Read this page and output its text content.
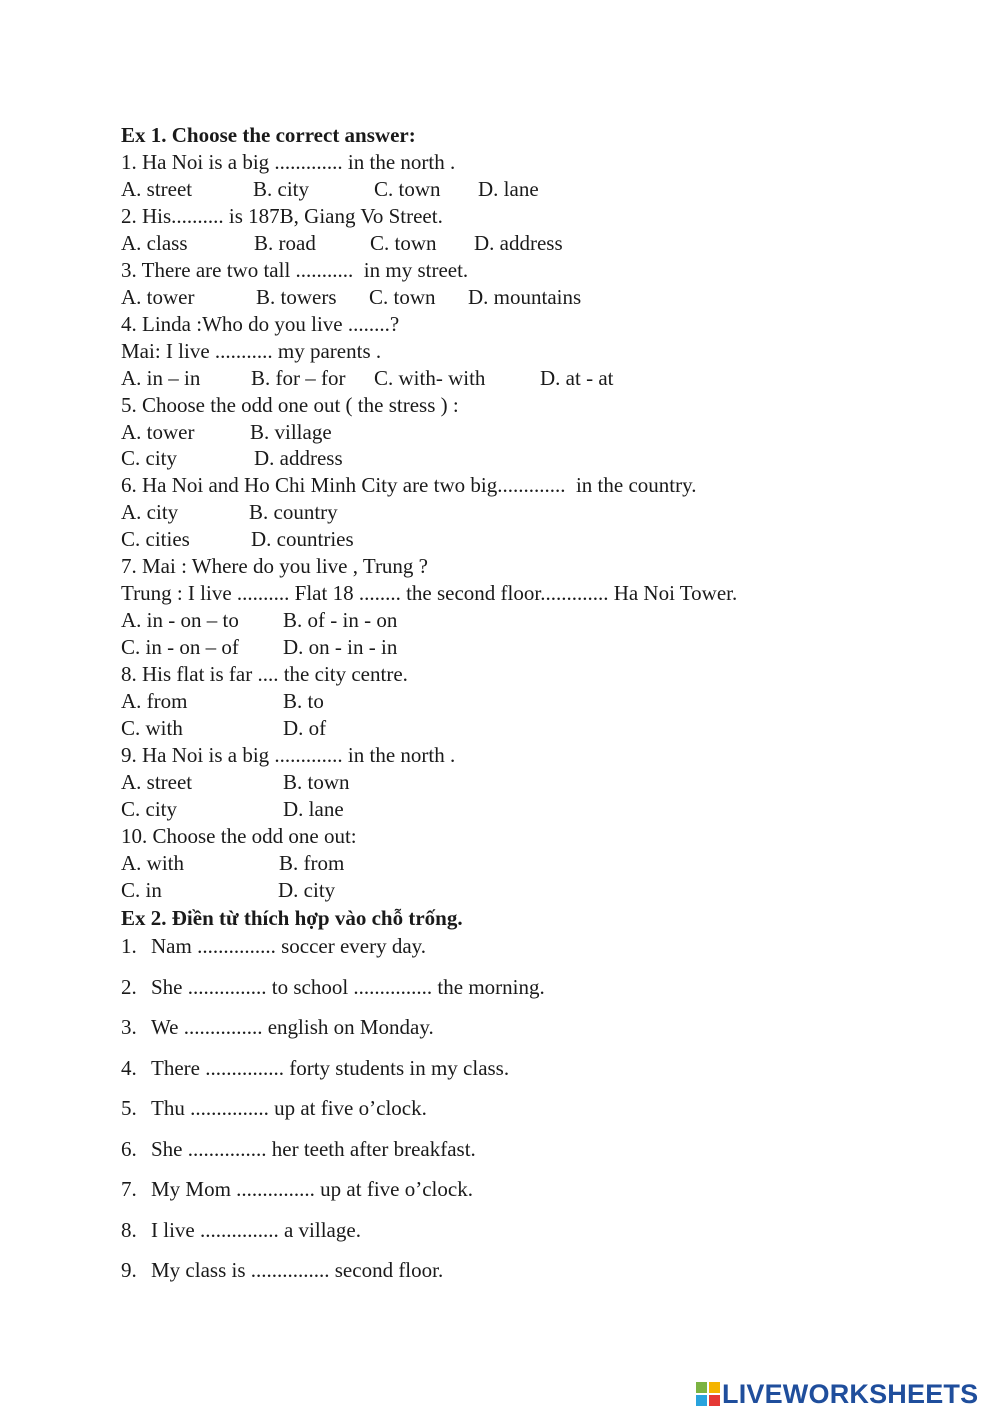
Ex 1. Choose the correct answer:
1. Ha Noi is a big ............. in the north .
A. street	B. city	C. town D. lane
2. His.......... is 187B, Giang Vo Street.
A. class	B. road	C. town D. address
3. There are two tall ...........  in my street.
A. tower	B. towers C. town D. mountains
4. Linda :Who do you live ........?
Mai: I live ........... my parents .
A. in – in B. for – for C. with- with	D. at - at
5. Choose the odd one out ( the stress ) :
A. tower	B. village
C. city	D. address
6. Ha Noi and Ho Chi Minh City are two big.............  in the country.
A. city	B. country
C. cities	D. countries
7. Mai : Where do you live , Trung ?
Trung : I live .......... Flat 18 ........ the second floor............. Ha Noi Tower.
A. in - on – to B. of - in - on
C. in - on – of D. on - in - in
8. His flat is far .... the city centre.
A. from	B. to
C. with	D. of
9. Ha Noi is a big ............. in the north .
A. street	B. town
C. city	D. lane
10. Choose the odd one out:
A. with	B. from
C. in	D. city
Ex 2. Điền từ thích hợp vào chỗ trống.
1. Nam ............... soccer every day.
2. She ............... to school ............... the morning.
3. We ............... english on Monday.
4. There ............... forty students in my class.
5. Thu ............... up at five o’clock.
6. She ............... her teeth after breakfast.
7. My Mom ............... up at five o’clock.
8. I live ............... a village.
9. My class is ............... second floor.
LIVEWORKSHEETS
